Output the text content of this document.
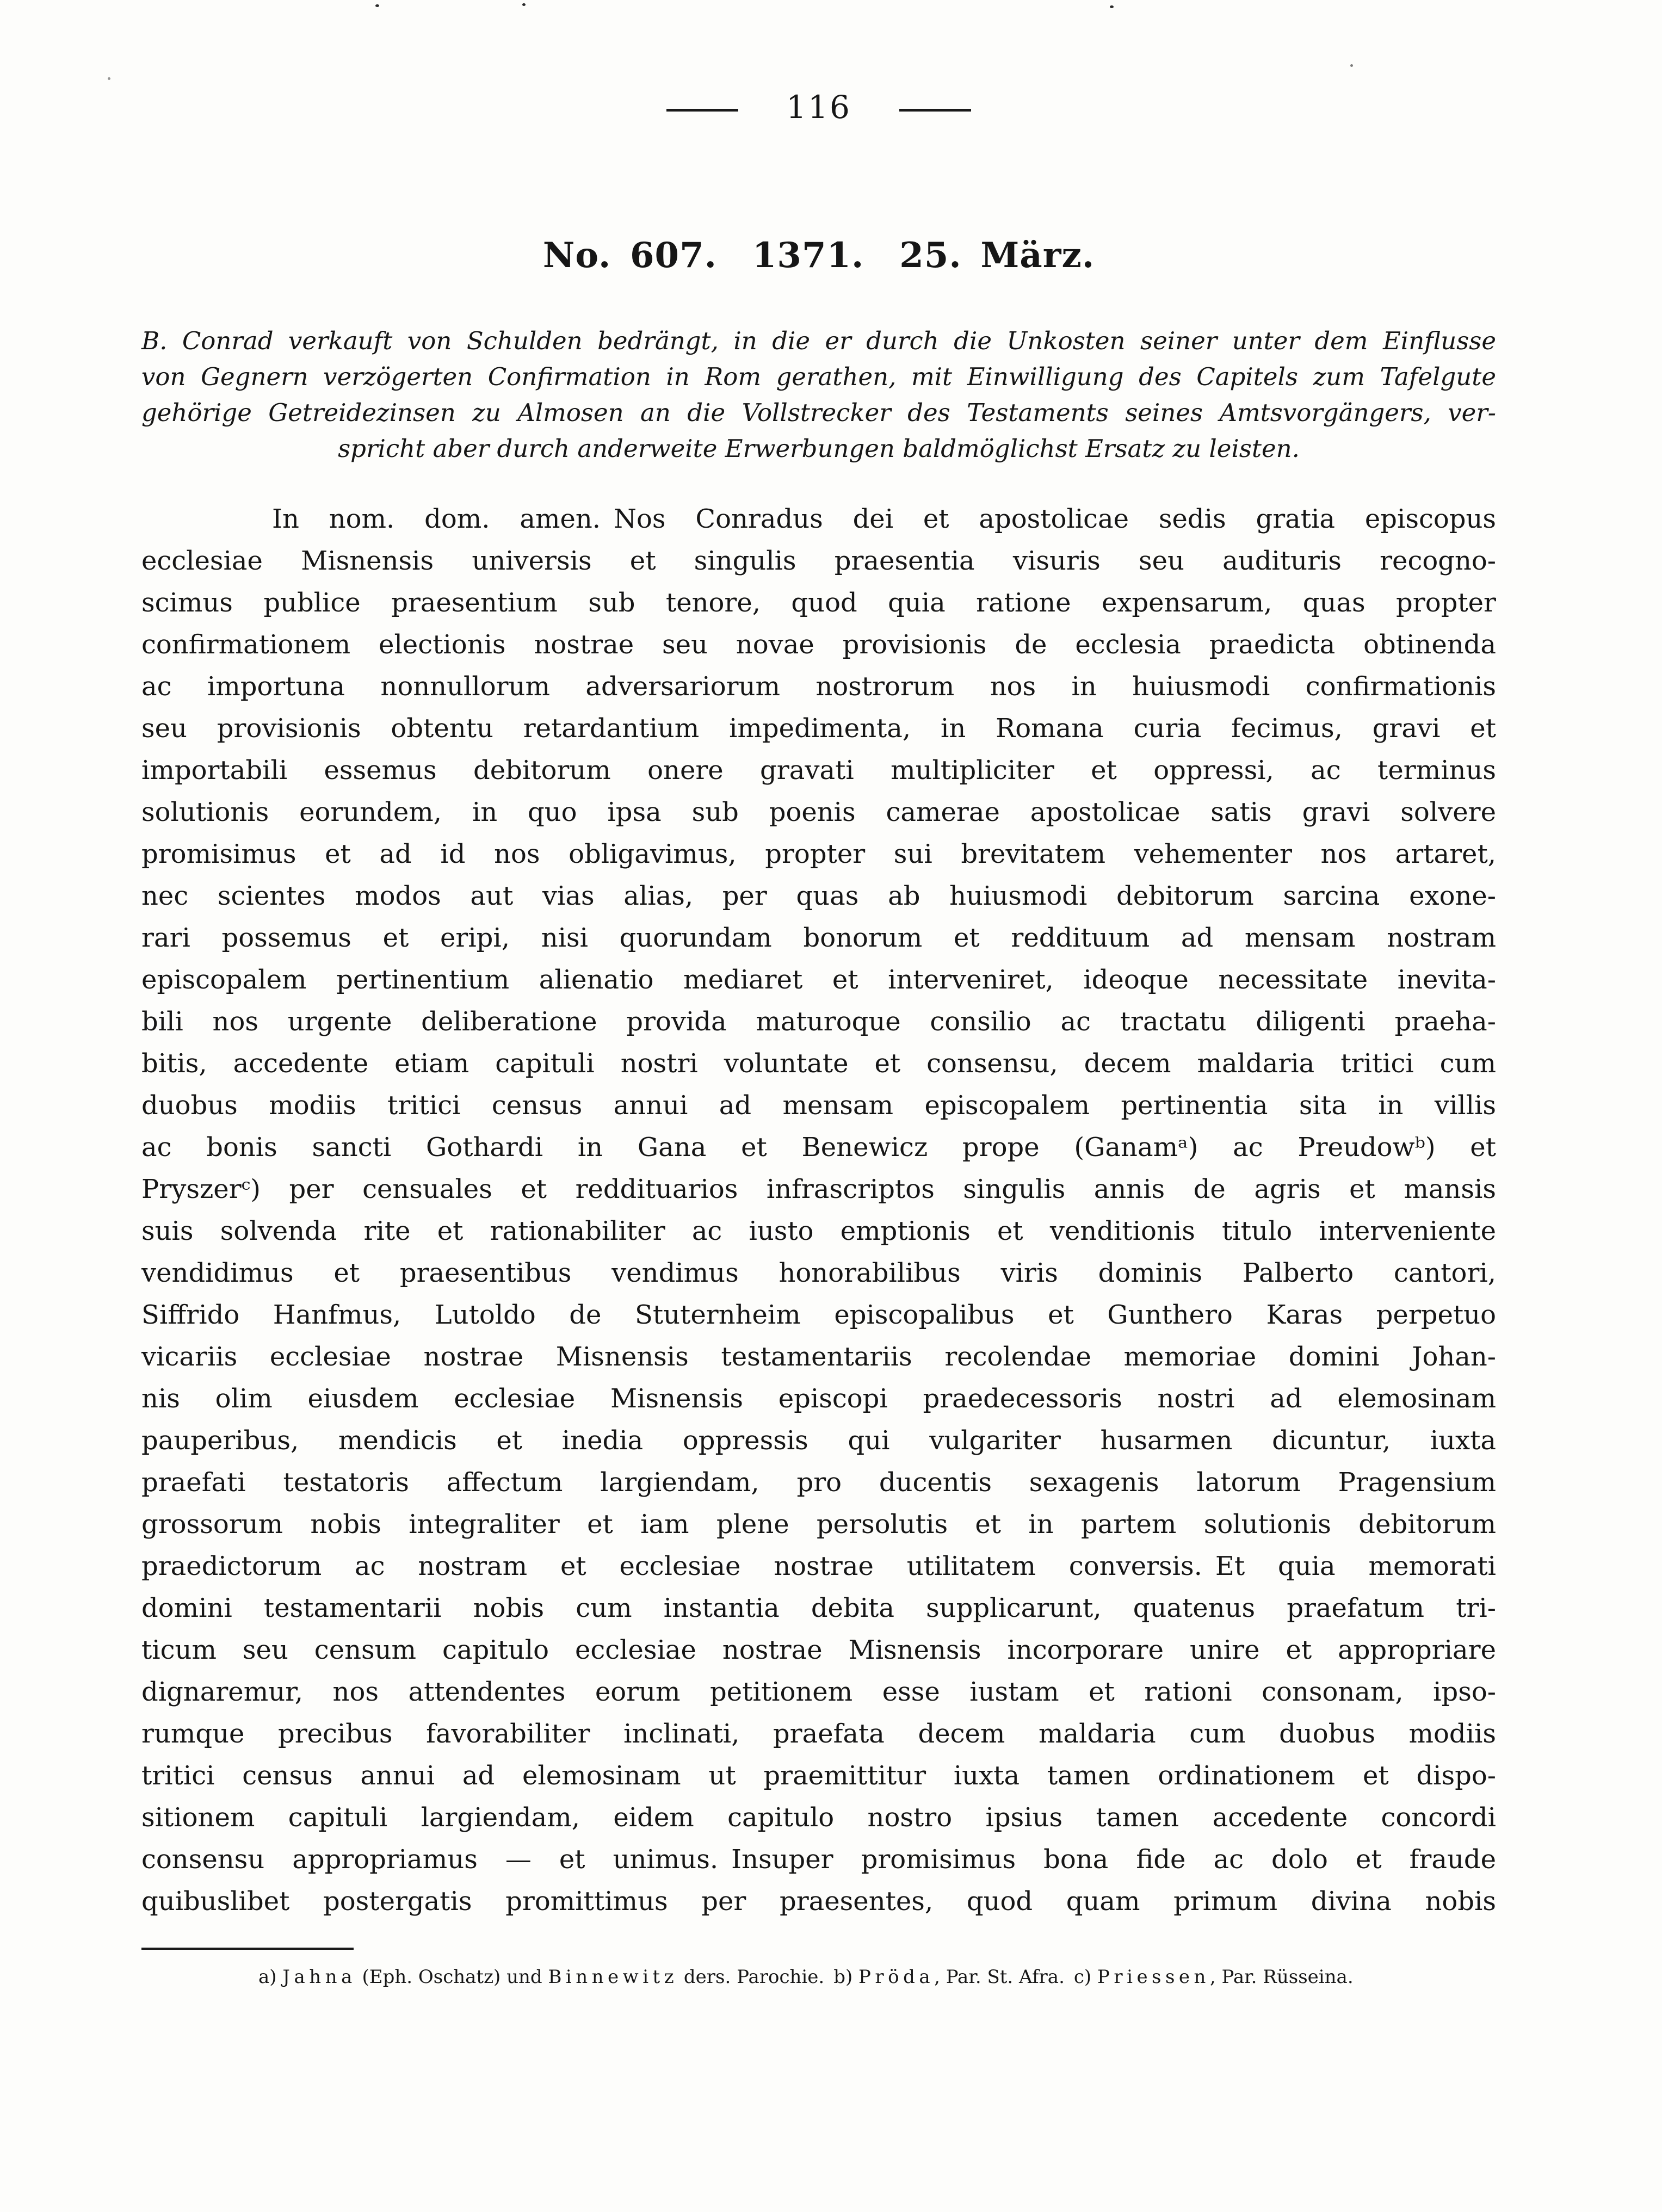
116
No. 607. 1371. 25. März.
B. Conrad verkauft von Schulden bedrängt, in die er durch die Unkosten seiner unter dem Einflusse
von Gegnern verzögerten Confirmation in Rom gerathen, mit Einwilligung des Capitels zum Tafelgute
gehörige Getreidezinsen zu Almosen an die Vollstrecker des Testaments seines Amtsvorgängers, ver-
spricht aber durch anderweite Erwerbungen baldmöglichst Ersatz zu leisten.
In nom. dom. amen. Nos Conradus dei et apostolicae sedis gratia episcopus
ecclesiae Misnensis universis et singulis praesentia visuris seu audituris recogno-
scimus publice praesentium sub tenore, quod quia ratione expensarum, quas propter
confirmationem electionis nostrae seu novae provisionis de ecclesia praedicta obtinenda
ac importuna nonnullorum adversariorum nostrorum nos in huiusmodi confirmationis
seu provisionis obtentu retardantium impedimenta, in Romana curia fecimus, gravi et
importabili essemus debitorum onere gravati multipliciter et oppressi, ac terminus
solutionis eorundem, in quo ipsa sub poenis camerae apostolicae satis gravi solvere
promisimus et ad id nos obligavimus, propter sui brevitatem vehementer nos artaret,
nec scientes modos aut vias alias, per quas ab huiusmodi debitorum sarcina exone-
rari possemus et eripi, nisi quorundam bonorum et reddituum ad mensam nostram
episcopalem pertinentium alienatio mediaret et interveniret, ideoque necessitate inevita-
bili nos urgente deliberatione provida maturoque consilio ac tractatu diligenti praeha-
bitis, accedente etiam capituli nostri voluntate et consensu, decem maldaria tritici cum
duobus modiis tritici census annui ad mensam episcopalem pertinentia sita in villis
ac bonis sancti Gothardi in Gana et Benewicz prope (Ganamᵃ) ac Preudowᵇ) et
Pryszerᶜ) per censuales et reddituarios infrascriptos singulis annis de agris et mansis
suis solvenda rite et rationabiliter ac iusto emptionis et venditionis titulo interveniente
vendidimus et praesentibus vendimus honorabilibus viris dominis Palberto cantori,
Siffrido Hanfmus, Lutoldo de Stuternheim episcopalibus et Gunthero Karas perpetuo
vicariis ecclesiae nostrae Misnensis testamentariis recolendae memoriae domini Johan-
nis olim eiusdem ecclesiae Misnensis episcopi praedecessoris nostri ad elemosinam
pauperibus, mendicis et inedia oppressis qui vulgariter husarmen dicuntur, iuxta
praefati testatoris affectum largiendam, pro ducentis sexagenis latorum Pragensium
grossorum nobis integraliter et iam plene persolutis et in partem solutionis debitorum
praedictorum ac nostram et ecclesiae nostrae utilitatem conversis. Et quia memorati
domini testamentarii nobis cum instantia debita supplicarunt, quatenus praefatum tri-
ticum seu censum capitulo ecclesiae nostrae Misnensis incorporare unire et appropriare
dignaremur, nos attendentes eorum petitionem esse iustam et rationi consonam, ipso-
rumque precibus favorabiliter inclinati, praefata decem maldaria cum duobus modiis
tritici census annui ad elemosinam ut praemittitur iuxta tamen ordinationem et dispo-
sitionem capituli largiendam, eidem capitulo nostro ipsius tamen accedente concordi
consensu appropriamus — et unimus. Insuper promisimus bona fide ac dolo et fraude
quibuslibet postergatis promittimus per praesentes, quod quam primum divina nobis
a) Jahna (Eph. Oschatz) und Binnewitz ders. Parochie. b) Pröda, Par. St. Afra. c) Priessen, Par. Rüsseina.
